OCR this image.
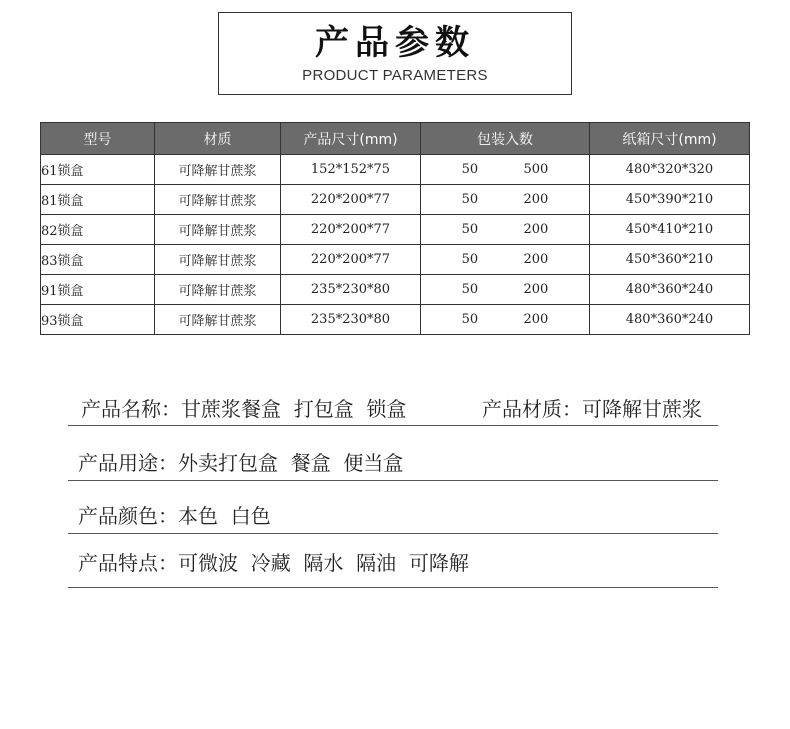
产品参数
PRODUCT PARAMETERS
型号	材质	产品尺寸(mm)	包装入数	纸箱尺寸(mm)
61锁盒	可降解甘蔗浆	152*152*75	50 500	480*320*320
81锁盒	可降解甘蔗浆	220*200*77	50 200	450*390*210
82锁盒	可降解甘蔗浆	220*200*77	50 200	450*410*210
83锁盒	可降解甘蔗浆	220*200*77	50 200	450*360*210
91锁盒	可降解甘蔗浆	235*230*80	50 200	480*360*240
93锁盒	可降解甘蔗浆	235*230*80	50 200	480*360*240
产品名称：甘蔗浆餐盒  打包盒  锁盒	产品材质：可降解甘蔗浆
产品用途：外卖打包盒  餐盒  便当盒
产品颜色：本色  白色
产品特点：可微波  冷藏  隔水  隔油  可降解
